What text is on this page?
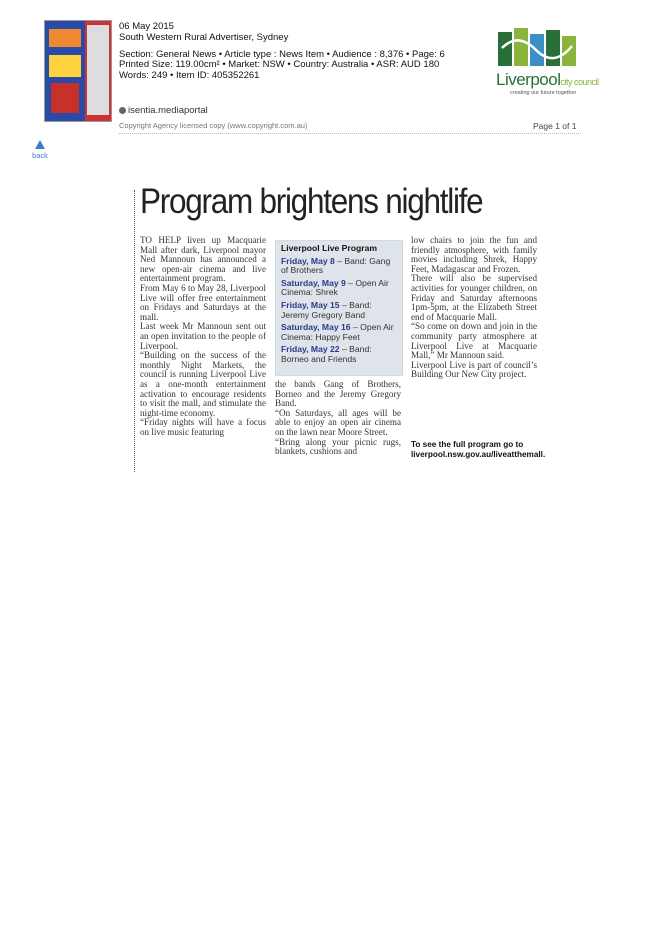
06 May 2015
South Western Rural Advertiser, Sydney
Section: General News • Article type : News Item • Audience : 8,376 • Page: 6
Printed Size: 119.00cm² • Market: NSW • Country: Australia • ASR: AUD 180
Words: 249 • Item ID: 405352261
isentia.mediaportal
Copyright Agency licensed copy (www.copyright.com.au)	Page 1 of 1
Liverpoolcity council
creating our future together
back
Program brightens nightlife

TO HELP liven up Macquarie Mall after dark, Liverpool mayor Ned Mannoun has announced a new open-air cinema and live entertainment program.

From May 6 to May 28, Liverpool Live will offer free entertainment on Fridays and Saturdays at the mall.

Last week Mr Mannoun sent out an open invitation to the people of Liverpool.

“Building on the success of the monthly Night Markets, the council is running Liverpool Live as a one-month entertainment activation to encourage residents to visit the mall, and stimulate the night-time economy.

“Friday nights will have a focus on live music featuring

Liverpool Live Program
Friday, May 8 – Band: Gang of Brothers
Saturday, May 9 – Open Air Cinema: Shrek
Friday, May 15 – Band: Jeremy Gregory Band
Saturday, May 16 – Open Air Cinema: Happy Feet
Friday, May 22 – Band: Borneo and Friends

the bands Gang of Brothers, Borneo and the Jeremy Gregory Band.

“On Saturdays, all ages will be able to enjoy an open air cinema on the lawn near Moore Street.

“Bring along your picnic rugs, blankets, cushions and

low chairs to join the fun and friendly atmosphere, with family movies including Shrek, Happy Feet, Madagascar and Frozen.

There will also be supervised activities for younger children, on Friday and Saturday afternoons 1pm-5pm, at the Elizabeth Street end of Macquarie Mall.

“So come on down and join in the community party atmosphere at Liverpool Live at Macquarie Mall,” Mr Mannoun said.

Liverpool Live is part of council’s Building Our New City project.

To see the full program go to liverpool.nsw.gov.au/liveatthemall.
